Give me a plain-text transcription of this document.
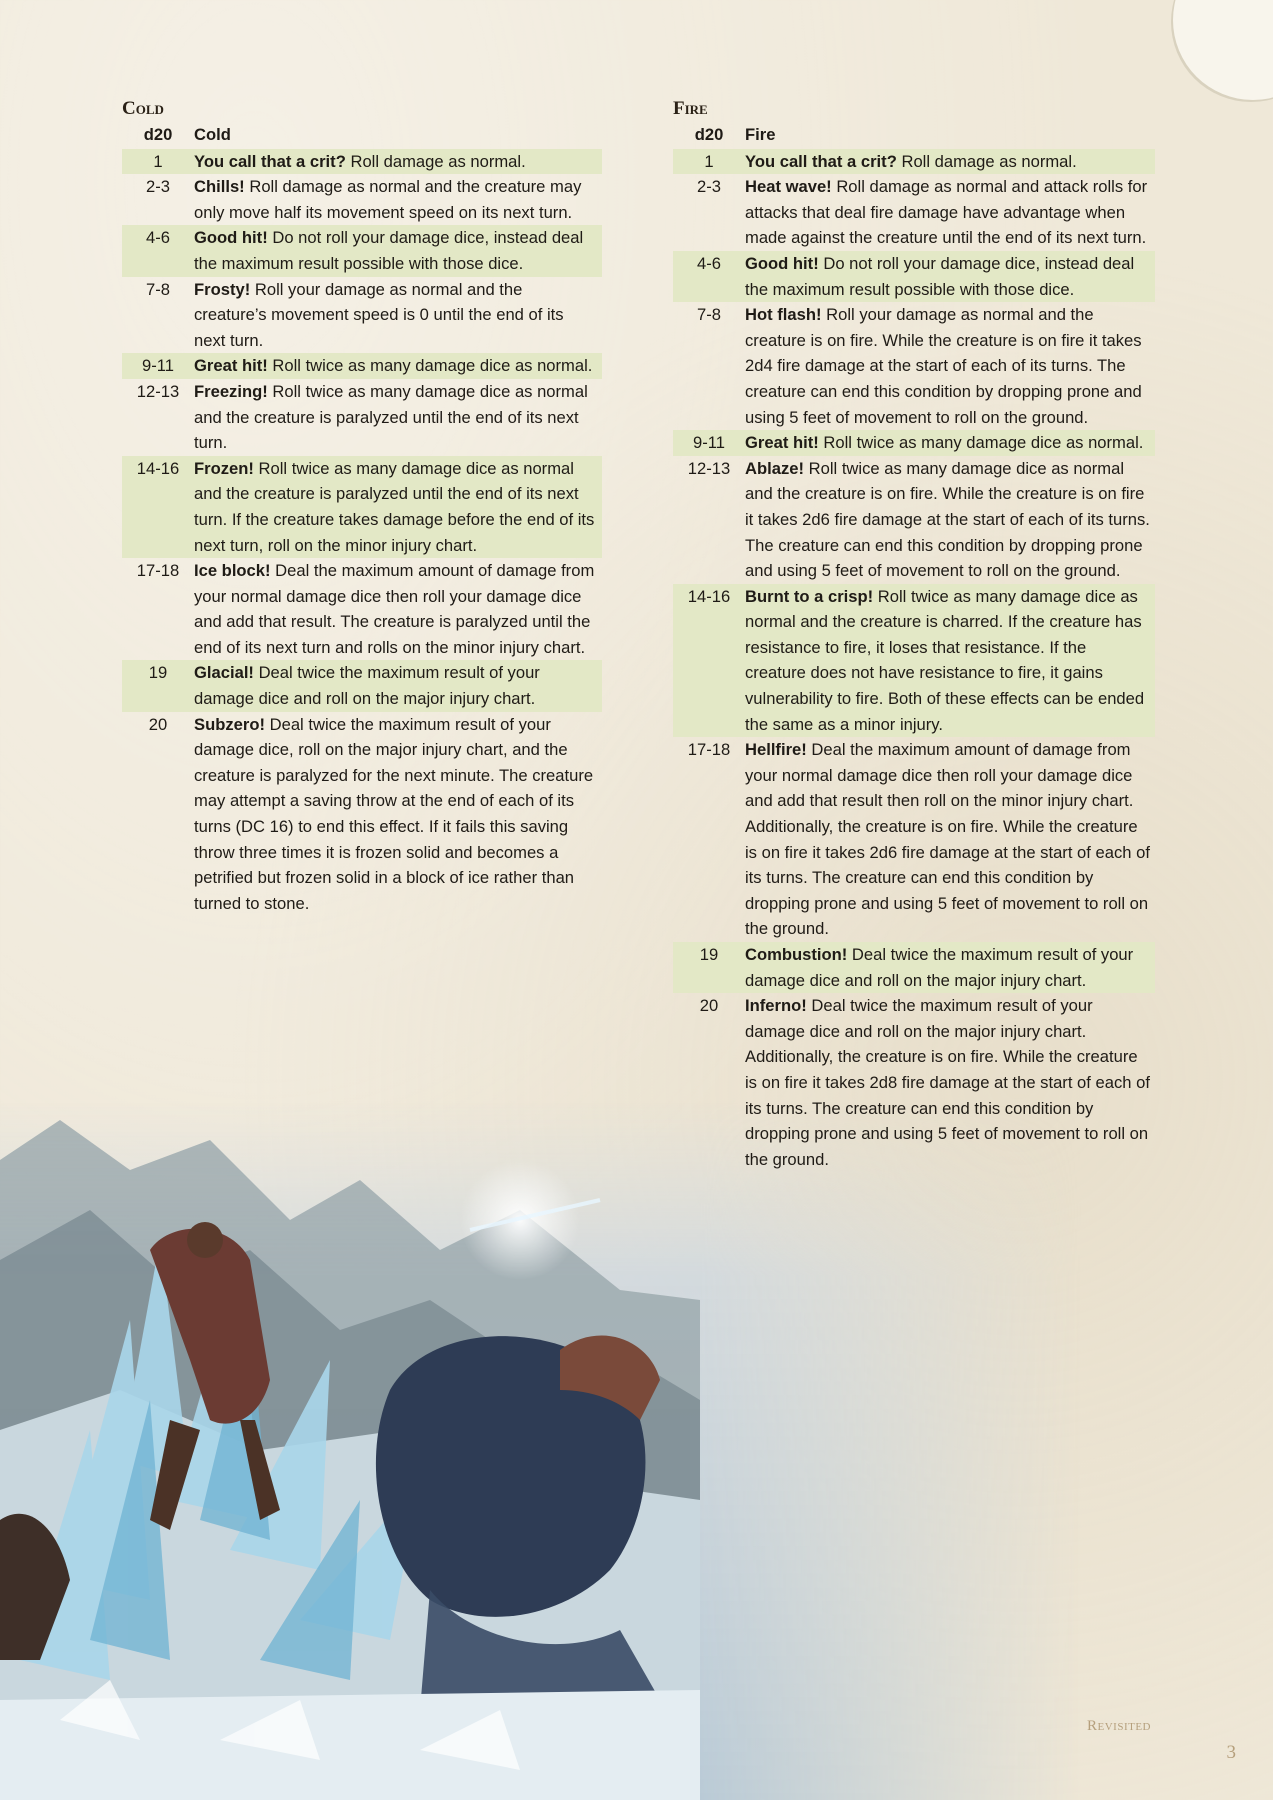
Cold
d20	Cold
1	You call that a crit? Roll damage as normal.
2-3	Chills! Roll damage as normal and the creature may only move half its movement speed on its next turn.
4-6	Good hit! Do not roll your damage dice, instead deal the maximum result possible with those dice.
7-8	Frosty! Roll your damage as normal and the creature’s movement speed is 0 until the end of its next turn.
9-11	Great hit! Roll twice as many damage dice as normal.
12-13	Freezing! Roll twice as many damage dice as normal and the creature is paralyzed until the end of its next turn.
14-16	Frozen! Roll twice as many damage dice as normal and the creature is paralyzed until the end of its next turn. If the creature takes damage before the end of its next turn, roll on the minor injury chart.
17-18	Ice block! Deal the maximum amount of damage from your normal damage dice then roll your damage dice and add that result. The creature is paralyzed until the end of its next turn and rolls on the minor injury chart.
19	Glacial! Deal twice the maximum result of your damage dice and roll on the major injury chart.
20	Subzero! Deal twice the maximum result of your damage dice, roll on the major injury chart, and the creature is paralyzed for the next minute. The creature may attempt a saving throw at the end of each of its turns (DC 16) to end this effect. If it fails this saving throw three times it is frozen solid and becomes a petrified but frozen solid in a block of ice rather than turned to stone.
Fire
d20	Fire
1	You call that a crit? Roll damage as normal.
2-3	Heat wave! Roll damage as normal and attack rolls for attacks that deal fire damage have advantage when made against the creature until the end of its next turn.
4-6	Good hit! Do not roll your damage dice, instead deal the maximum result possible with those dice.
7-8	Hot flash! Roll your damage as normal and the creature is on fire. While the creature is on fire it takes 2d4 fire damage at the start of each of its turns. The creature can end this condition by dropping prone and using 5 feet of movement to roll on the ground.
9-11	Great hit! Roll twice as many damage dice as normal.
12-13	Ablaze! Roll twice as many damage dice as normal and the creature is on fire. While the creature is on fire it takes 2d6 fire damage at the start of each of its turns. The creature can end this condition by dropping prone and using 5 feet of movement to roll on the ground.
14-16	Burnt to a crisp! Roll twice as many damage dice as normal and the creature is charred. If the creature has resistance to fire, it loses that resistance. If the creature does not have resistance to fire, it gains vulnerability to fire. Both of these effects can be ended the same as a minor injury.
17-18	Hellfire! Deal the maximum amount of damage from your normal damage dice then roll your damage dice and add that result then roll on the minor injury chart. Additionally, the creature is on fire. While the creature is on fire it takes 2d6 fire damage at the start of each of its turns. The creature can end this condition by dropping prone and using 5 feet of movement to roll on the ground.
19	Combustion! Deal twice the maximum result of your damage dice and roll on the major injury chart.
20	Inferno! Deal twice the maximum result of your damage dice and roll on the major injury chart. Additionally, the creature is on fire. While the creature is on fire it takes 2d8 fire damage at the start of each of its turns. The creature can end this condition by dropping prone and using 5 feet of movement to roll on the ground.
Revisited
3
